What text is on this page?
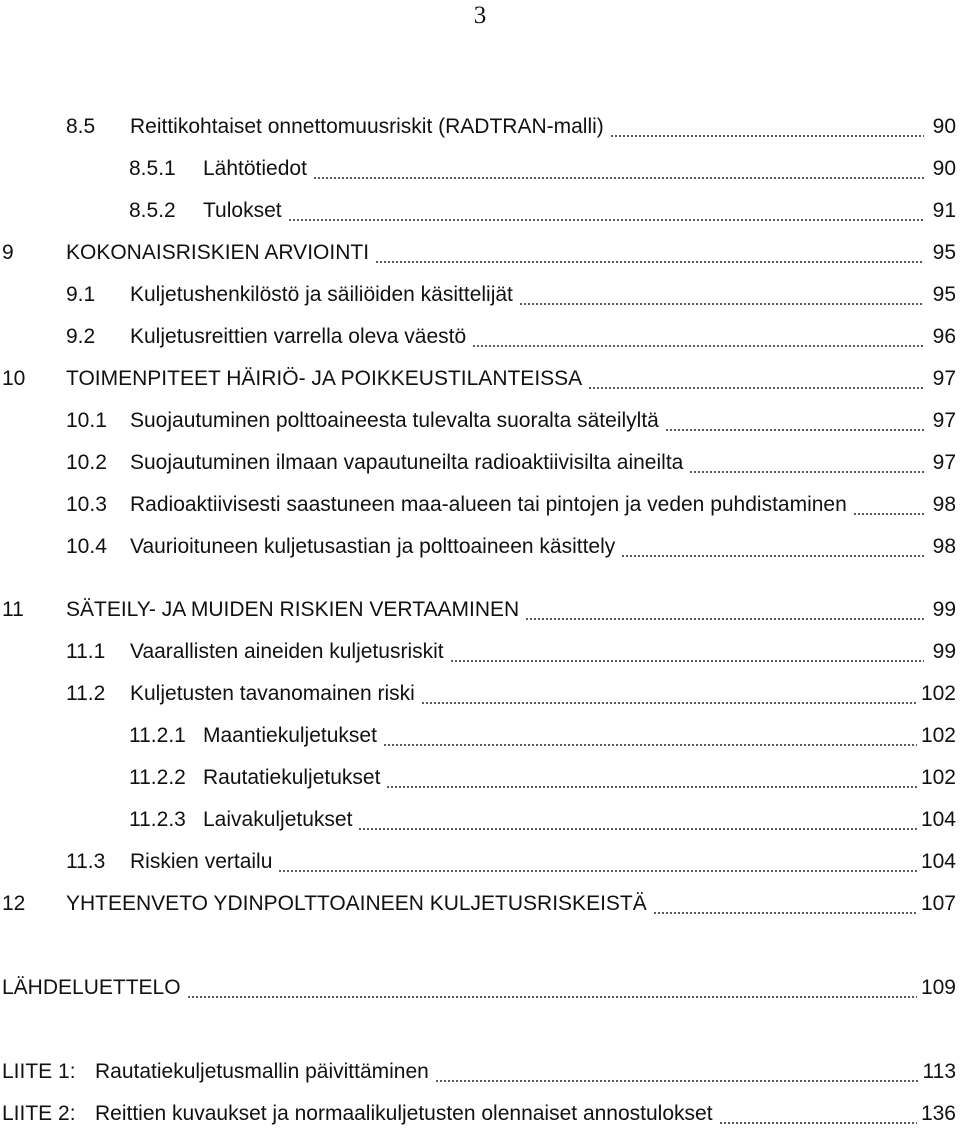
3
8.5	Reittikohtaiset onnettomuusriskit (RADTRAN-malli)	90
8.5.1	Lähtötiedot	90
8.5.2	Tulokset	91
9	KOKONAISRISKIEN ARVIOINTI	95
9.1	Kuljetushenkilöstö ja säiliöiden käsittelijät	95
9.2	Kuljetusreittien varrella oleva väestö	96
10	TOIMENPITEET HÄIRIÖ- JA POIKKEUSTILANTEISSA	97
10.1	Suojautuminen polttoaineesta tulevalta suoralta säteilyltä	97
10.2	Suojautuminen ilmaan vapautuneilta radioaktiivisilta aineilta	97
10.3	Radioaktiivisesti saastuneen maa-alueen tai pintojen ja veden puhdistaminen	98
10.4	Vaurioituneen kuljetusastian ja polttoaineen käsittely	98
11	SÄTEILY- JA MUIDEN RISKIEN VERTAAMINEN	99
11.1	Vaarallisten aineiden kuljetusriskit	99
11.2	Kuljetusten tavanomainen riski	102
11.2.1 Maantiekuljetukset	102
11.2.2 Rautatiekuljetukset	102
11.2.3 Laivakuljetukset	104
11.3	Riskien vertailu	104
12	YHTEENVETO YDINPOLTTOAINEEN KULJETUSRISKEISTÄ	107
LÄHDELUETTELO	109
LIITE 1: Rautatiekuljetusmallin päivittäminen	113
LIITE 2: Reittien kuvaukset ja normaalikuljetusten olennaiset annostulokset	136
